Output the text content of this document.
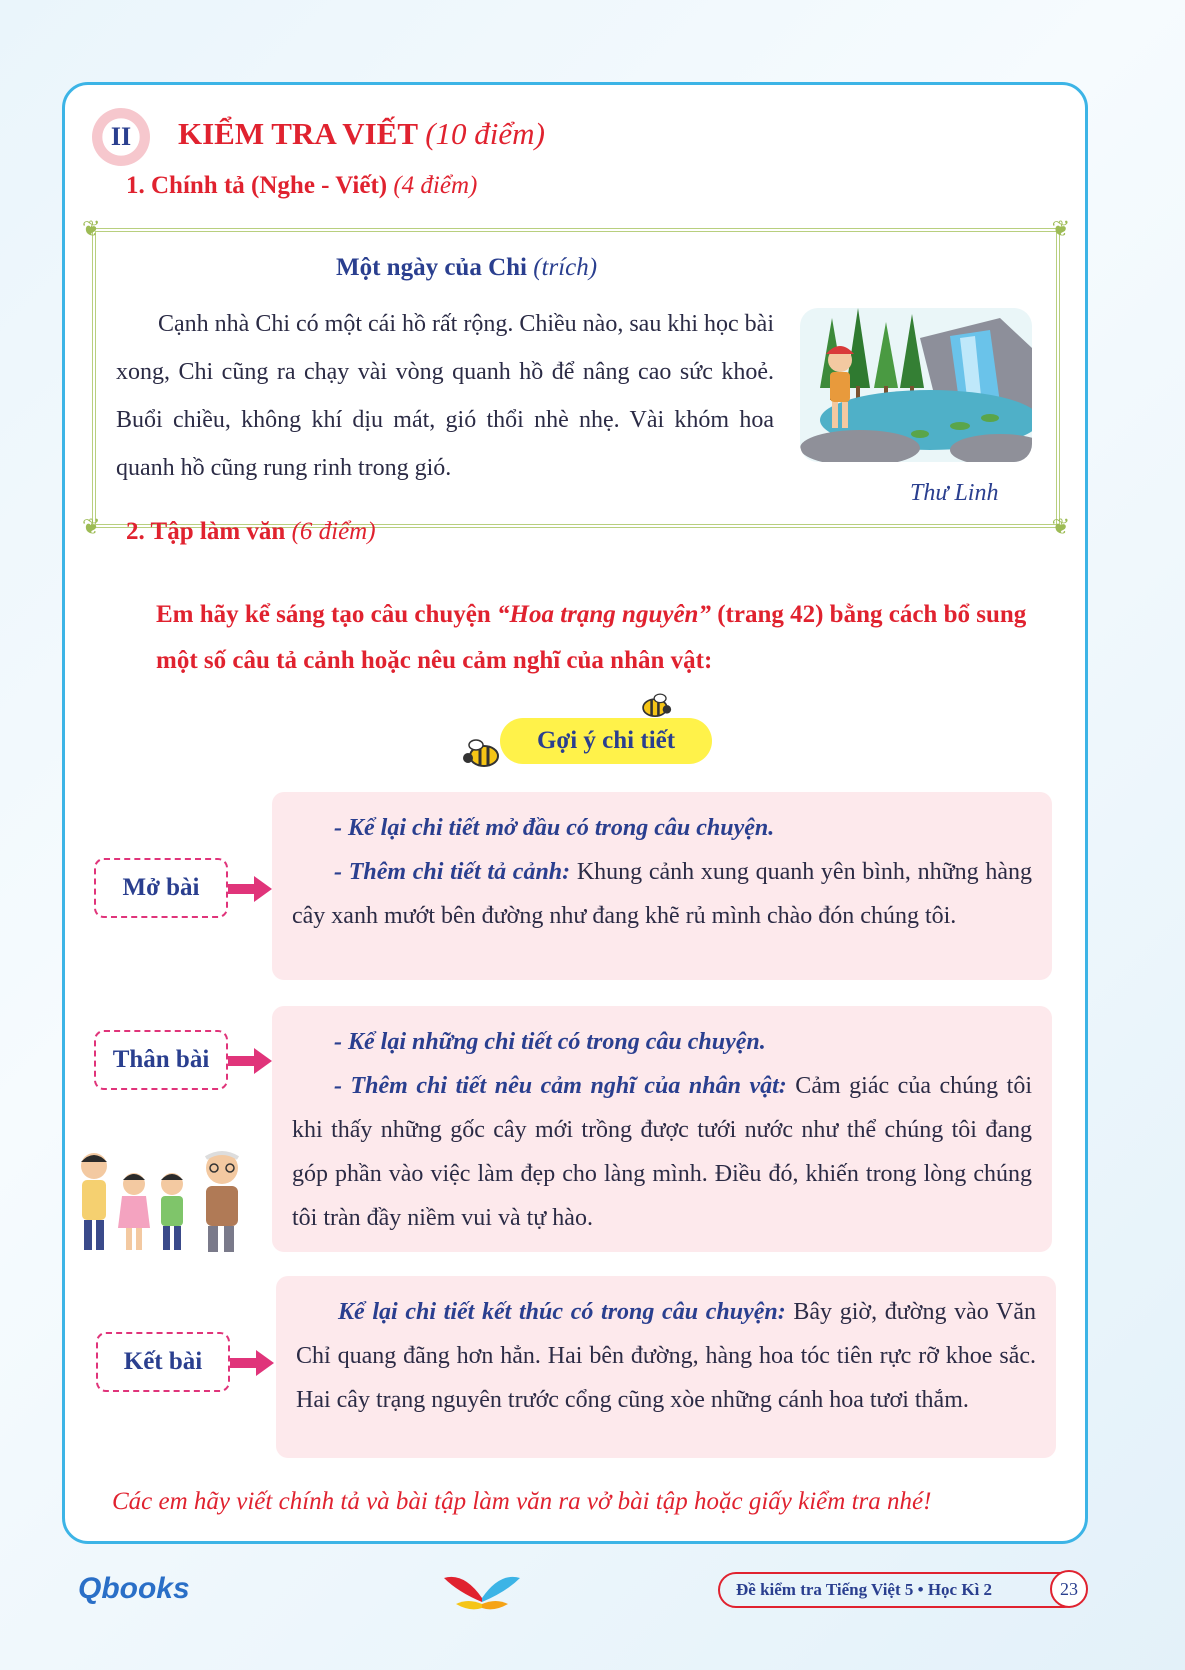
II KIỂM TRA VIẾT (10 điểm)

1. Chính tả (Nghe - Viết) (4 điểm)

❦	❦
❦	❦

Một ngày của Chi (trích)

Cạnh nhà Chi có một cái hồ rất rộng. Chiều nào, sau khi học bài xong, Chi cũng ra chạy vài vòng quanh hồ để nâng cao sức khoẻ. Buổi chiều, không khí dịu mát, gió thổi nhè nhẹ. Vài khóm hoa quanh hồ cũng rung rinh trong gió.

Thư Linh

2. Tập làm văn (6 điểm)

Em hãy kể sáng tạo câu chuyện “Hoa trạng nguyên” (trang 42) bằng cách bổ sung một số câu tả cảnh hoặc nêu cảm nghĩ của nhân vật:

Gợi ý chi tiết
Mở bài

- Kể lại chi tiết mở đầu có trong câu chuyện.

- Thêm chi tiết tả cảnh: Khung cảnh xung quanh yên bình, những hàng cây xanh mướt bên đường như đang khẽ rủ mình chào đón chúng tôi.

Thân bài

- Kể lại những chi tiết có trong câu chuyện.

- Thêm chi tiết nêu cảm nghĩ của nhân vật: Cảm giác của chúng tôi khi thấy những gốc cây mới trồng được tưới nước như thể chúng tôi đang góp phần vào việc làm đẹp cho làng mình. Điều đó, khiến trong lòng chúng tôi tràn đầy niềm vui và tự hào.

Kết bài

Kể lại chi tiết kết thúc có trong câu chuyện: Bây giờ, đường vào Văn Chỉ quang đãng hơn hẳn. Hai bên đường, hàng hoa tóc tiên rực rỡ khoe sắc. Hai cây trạng nguyên trước cổng cũng xòe những cánh hoa tươi thắm.

Các em hãy viết chính tả và bài tập làm văn ra vở bài tập hoặc giấy kiểm tra nhé!

Qbooks	Đề kiểm tra Tiếng Việt 5 • Học Kì 2	23
